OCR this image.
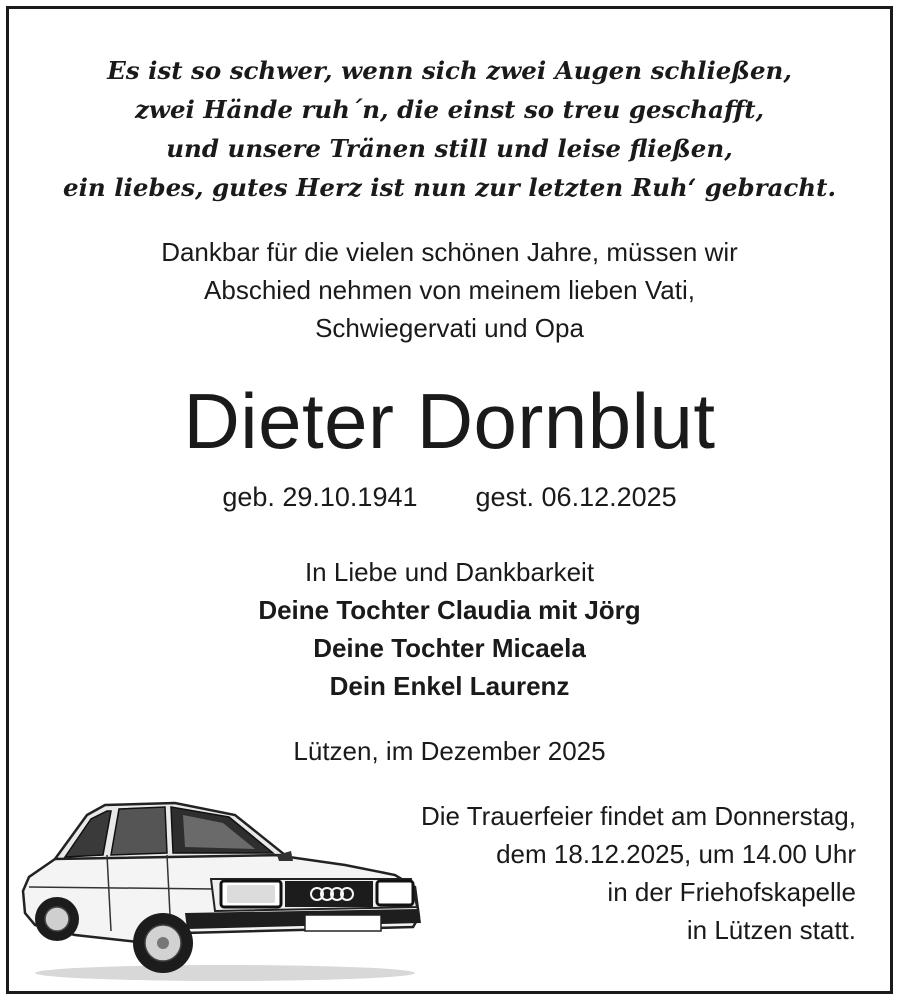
Es ist so schwer, wenn sich zwei Augen schließen,
zwei Hände ruh´n, die einst so treu geschafft,
und unsere Tränen still und leise fließen,
ein liebes, gutes Herz ist nun zur letzten Ruh‘ gebracht.
Dankbar für die vielen schönen Jahre, müssen wir
Abschied nehmen von meinem lieben Vati,
Schwiegervati und Opa
Dieter Dornblut
geb. 29.10.1941 gest. 06.12.2025
In Liebe und Dankbarkeit
Deine Tochter Claudia mit Jörg
Deine Tochter Micaela
Dein Enkel Laurenz
Lützen, im Dezember 2025
Die Trauerfeier findet am Donnerstag,
dem 18.12.2025, um 14.00 Uhr
in der Friehofskapelle
in Lützen statt.
